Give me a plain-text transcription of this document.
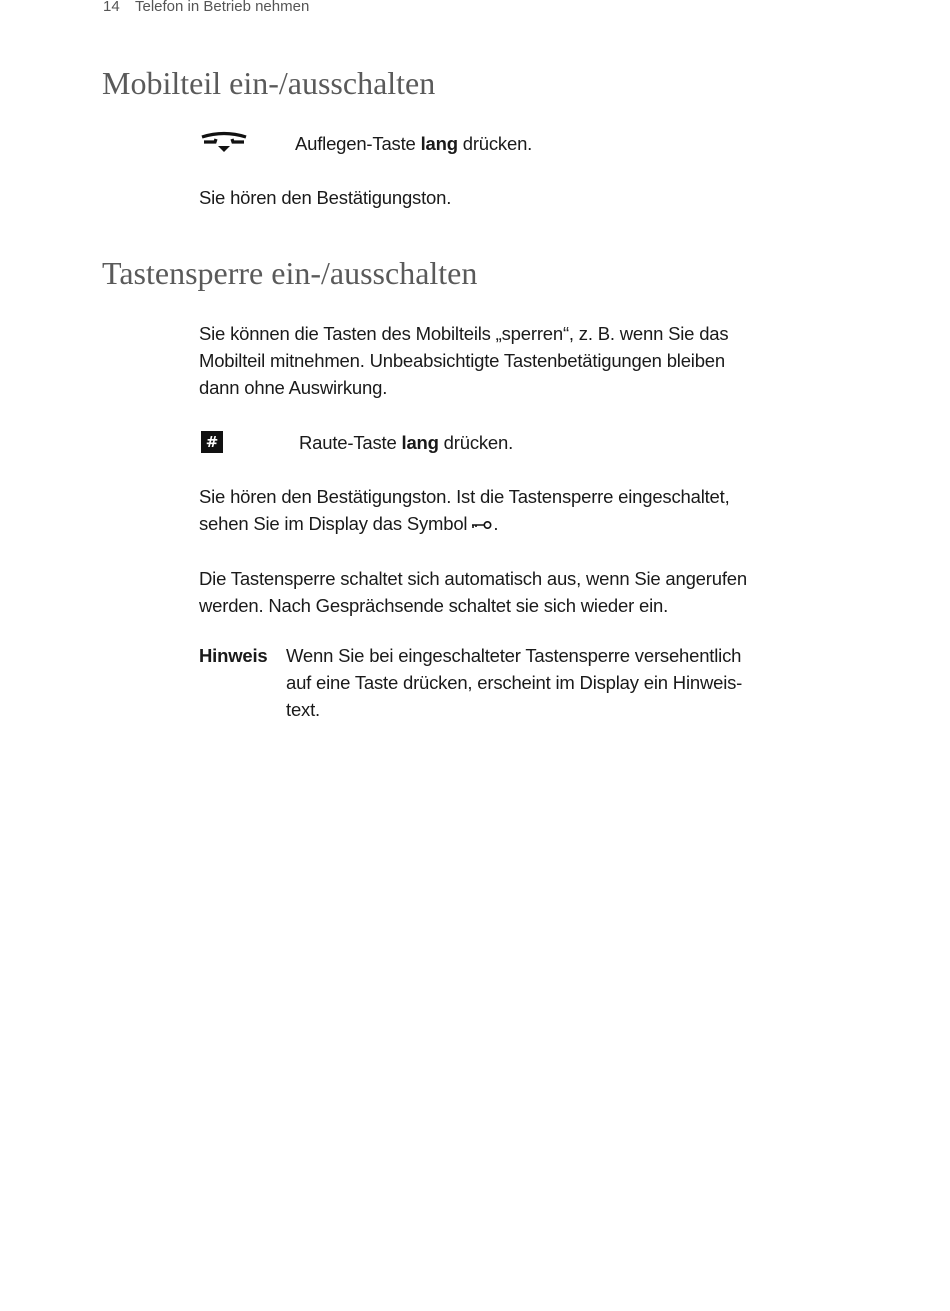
14 Telefon in Betrieb nehmen
Mobilteil ein-/ausschalten

Auflegen-Taste lang drücken.

Sie hören den Bestätigungston.

Tastensperre ein-/ausschalten

Sie können die Tasten des Mobilteils „sperren“, z. B. wenn Sie das Mobilteil mitnehmen. Unbeabsichtigte Tastenbetätigungen bleiben dann ohne Auswirkung.

#	Raute-Taste lang drücken.

Sie hören den Bestätigungston. Ist die Tastensperre eingeschaltet, sehen Sie im Display das Symbol .

Die Tastensperre schaltet sich automatisch aus, wenn Sie angerufen werden. Nach Gesprächsende schaltet sie sich wieder ein.

Hinweis Wenn Sie bei eingeschalteter Tastensperre versehentlich auf eine Taste drücken, erscheint im Display ein Hinweis-text.
